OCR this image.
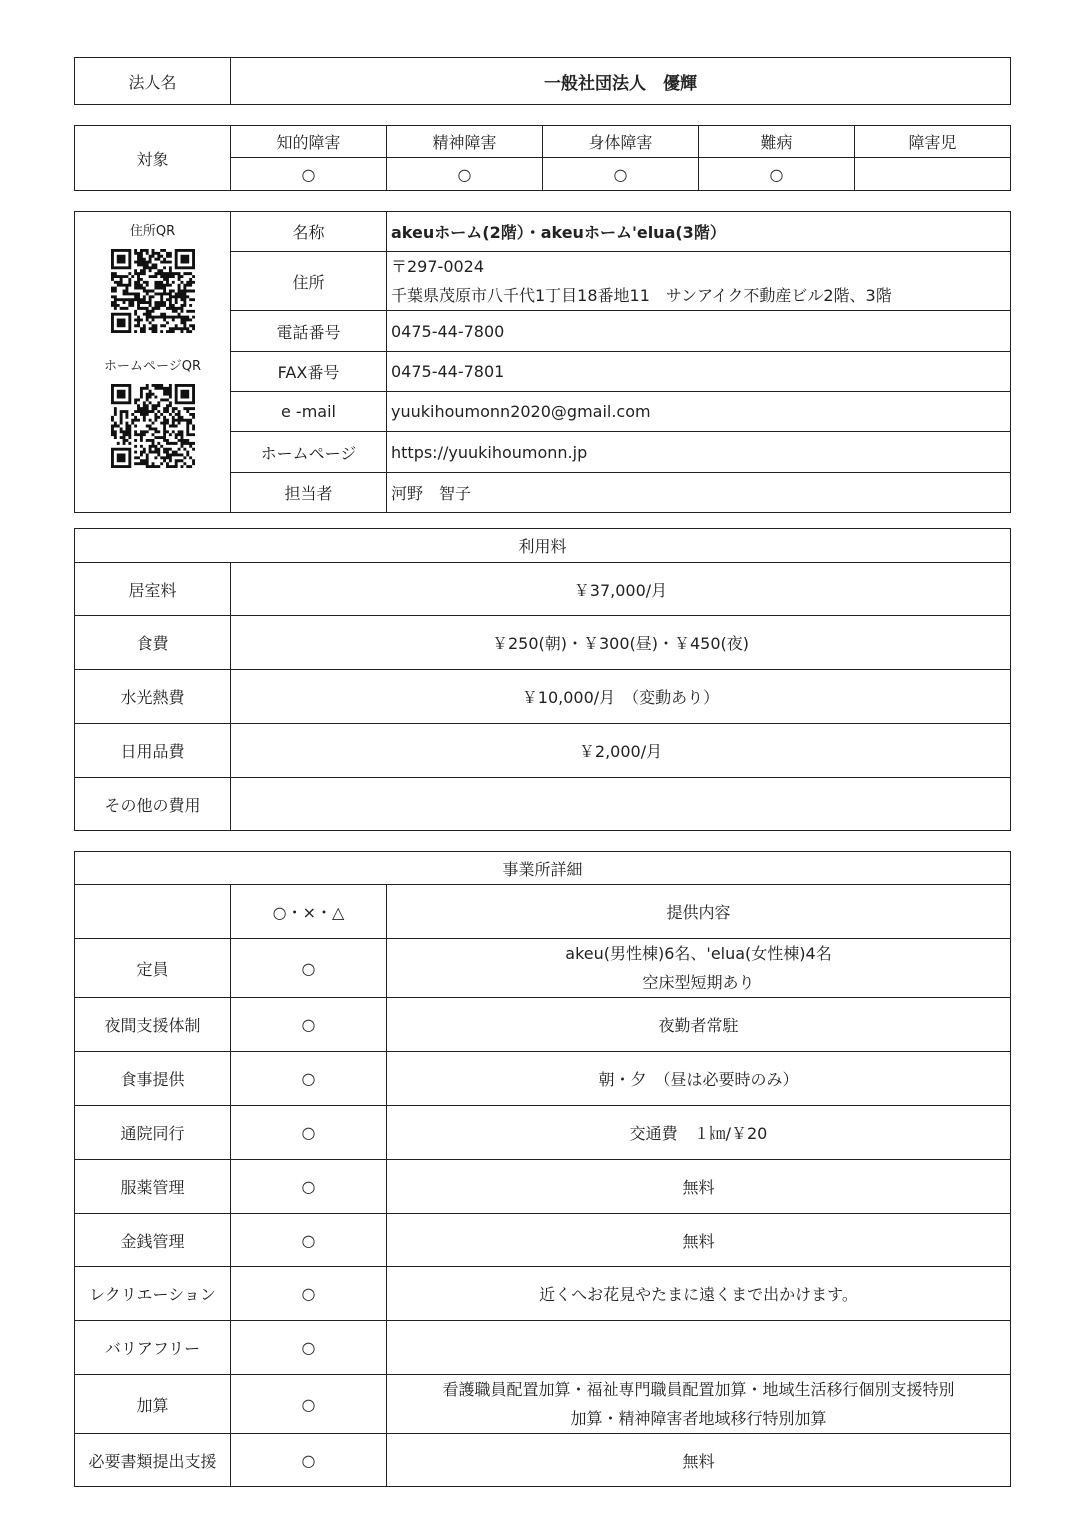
法人名	一般社団法人　優輝
対象	知的障害	精神障害	身体障害	難病	障害児
	○	○	○	○	
住所QR
ホームページQR	名称	akeuホーム(2階）・akeuホーム'elua(3階）
	住所	〒297-0024
千葉県茂原市八千代1丁目18番地11　サンアイク不動産ビル2階、3階

	電話番号	0475-44-7800
	FAX番号	0475-44-7801
	e -mail	yuukihoumonn2020@gmail.com
	ホームページ	https://yuukihoumonn.jp
	担当者	河野　智子
利用料	
居室料	￥37,000/月
食費	￥250(朝)・￥300(昼)・￥450(夜)
水光熱費	￥10,000/月　（変動あり）
日用品費	￥2,000/月
その他の費用	
事業所詳細		
	○・×・△	提供内容
定員	○	akeu(男性棟)6名、'elua(女性棟)4名
空床型短期あり

夜間支援体制	○	夜勤者常駐
食事提供	○	朝・夕　（昼は必要時のみ）
通院同行	○	交通費　１㎞/￥20
服薬管理	○	無料
金銭管理	○	無料
レクリエーション	○	近くへお花見やたまに遠くまで出かけます。
バリアフリー	○	
加算	○	看護職員配置加算・福祉専門職員配置加算・地域生活移行個別支援特別
加算・精神障害者地域移行特別加算

必要書類提出支援	○	無料
